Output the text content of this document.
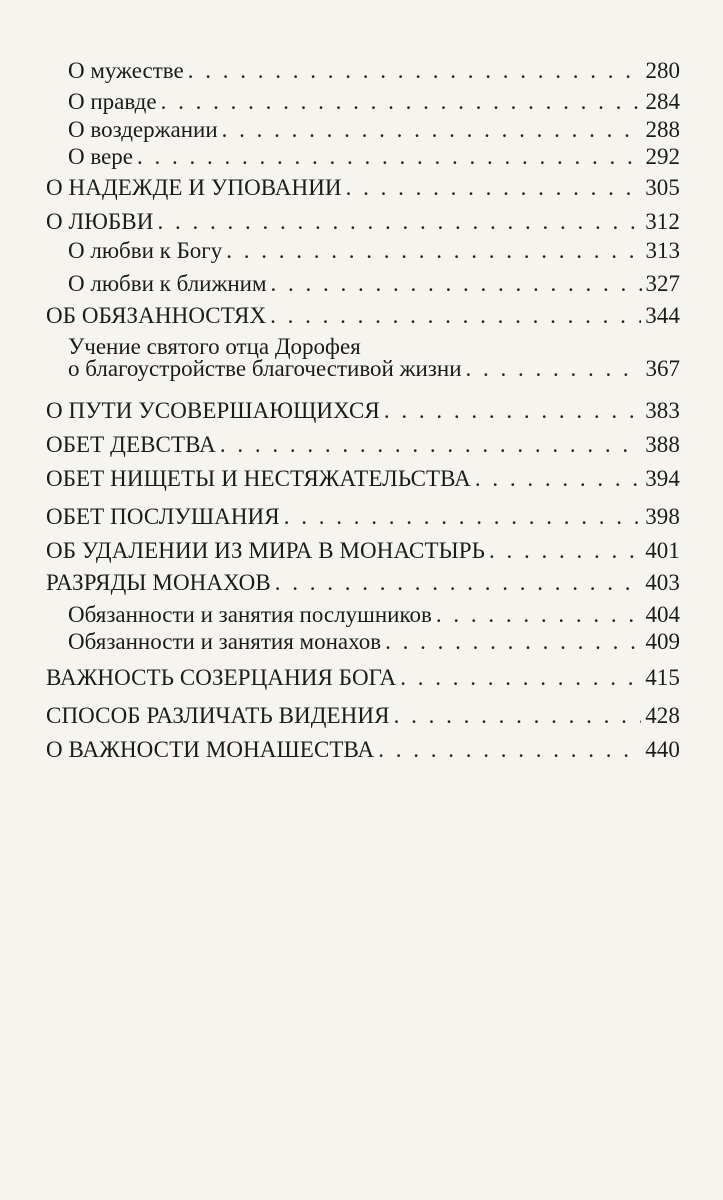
О мужестве . . .	280
О правде . . .	284
О воздержании . . .	288
О вере . . .	292
О НАДЕЖДЕ И УПОВАНИИ . . .	305
О ЛЮБВИ . . .	312
О любви к Богу . . .	313
О любви к ближним . . .	327
ОБ ОБЯЗАННОСТЯХ . . .	344
Учение святого отца Дорофея
о благоустройстве благочестивой жизни . . .	367
О ПУТИ УСОВЕРШАЮЩИХСЯ . . .	383
ОБЕТ ДЕВСТВА . . .	388
ОБЕТ НИЩЕТЫ И НЕСТЯЖАТЕЛЬСТВА . . .	394
ОБЕТ ПОСЛУШАНИЯ . . .	398
ОБ УДАЛЕНИИ ИЗ МИРА В МОНАСТЫРЬ . . .	401
РАЗРЯДЫ МОНАХОВ . . .	403
Обязанности и занятия послушников . . .	404
Обязанности и занятия монахов . . .	409
ВАЖНОСТЬ СОЗЕРЦАНИЯ БОГА . . .	415
СПОСОБ РАЗЛИЧАТЬ ВИДЕНИЯ . . .	428
О ВАЖНОСТИ МОНАШЕСТВА . . .	440
